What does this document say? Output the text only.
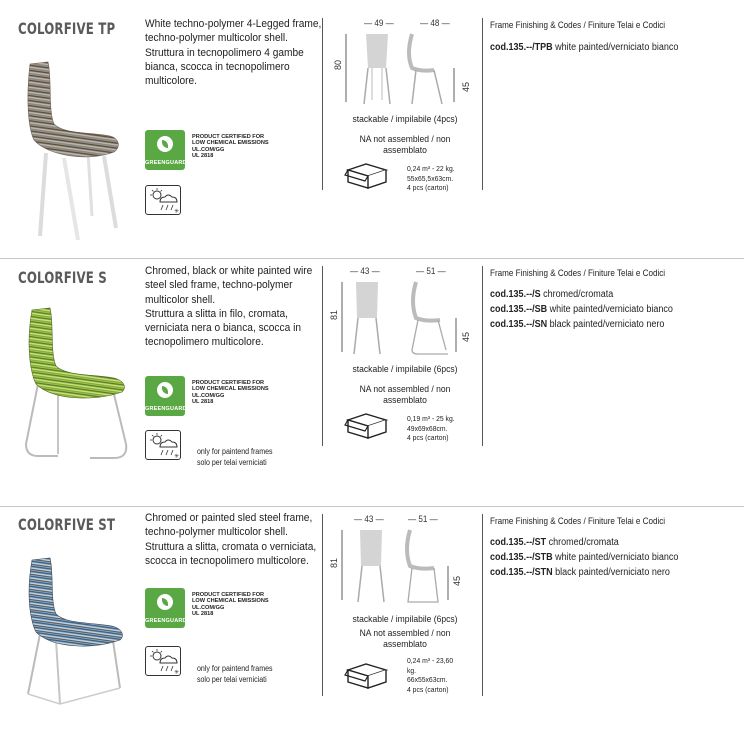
COLORFIVE TP	White techno-polymer 4-Legged frame, techno-polymer multicolor shell.
Struttura in tecnopolimero 4 gambe bianca, scocca in tecnopolimero multicolore.
GREENGUARD
PRODUCT CERTIFIED FOR
LOW CHEMICAL EMISSIONS
UL.COM/GG
UL 2818
✳
— 49 —	— 48 —
80
45
stackable / impilabile (4pcs)
NA not assembled / non assemblato
0,24 m³ - 22 kg.
55x65,5x63cm.
4 pcs (carton)
Frame Finishing & Codes / Finiture Telai e Codici
cod.135.--/TPB white painted/verniciato bianco
COLORFIVE S	Chromed, black or white painted wire steel sled frame, techno-polymer multicolor shell.
Struttura a slitta in filo, cromata, verniciata nera o bianca, scocca in tecnopolimero multicolore.
GREENGUARD
PRODUCT CERTIFIED FOR
LOW CHEMICAL EMISSIONS
UL.COM/GG
UL 2818
✳
only for paintend frames
solo per telai verniciati
— 43 —	— 51 —
81
45
stackable / impilabile (6pcs)
NA not assembled / non assemblato
0,19 m³ - 25 kg.
49x69x68cm.
4 pcs (carton)
Frame Finishing & Codes / Finiture Telai e Codici
cod.135.--/S chromed/cromata
cod.135.--/SB white painted/verniciato bianco
cod.135.--/SN black painted/verniciato nero
COLORFIVE ST	Chromed or painted sled steel frame, techno-polymer multicolor shell.
Struttura a slitta, cromata o verniciata, scocca in tecnopolimero multicolore.
GREENGUARD
PRODUCT CERTIFIED FOR
LOW CHEMICAL EMISSIONS
UL.COM/GG
UL 2818
✳ only for paintend frames
solo per telai verniciati
— 43 —	— 51 —
81
45
stackable / impilabile (6pcs)
NA not assembled / non assemblato
0,24 m³ - 23,60
kg.
66x55x63cm.
4 pcs (carton)
Frame Finishing & Codes / Finiture Telai e Codici
cod.135.--/ST chromed/cromata
cod.135.--/STB white painted/verniciato bianco
cod.135.--/STN black painted/verniciato nero
